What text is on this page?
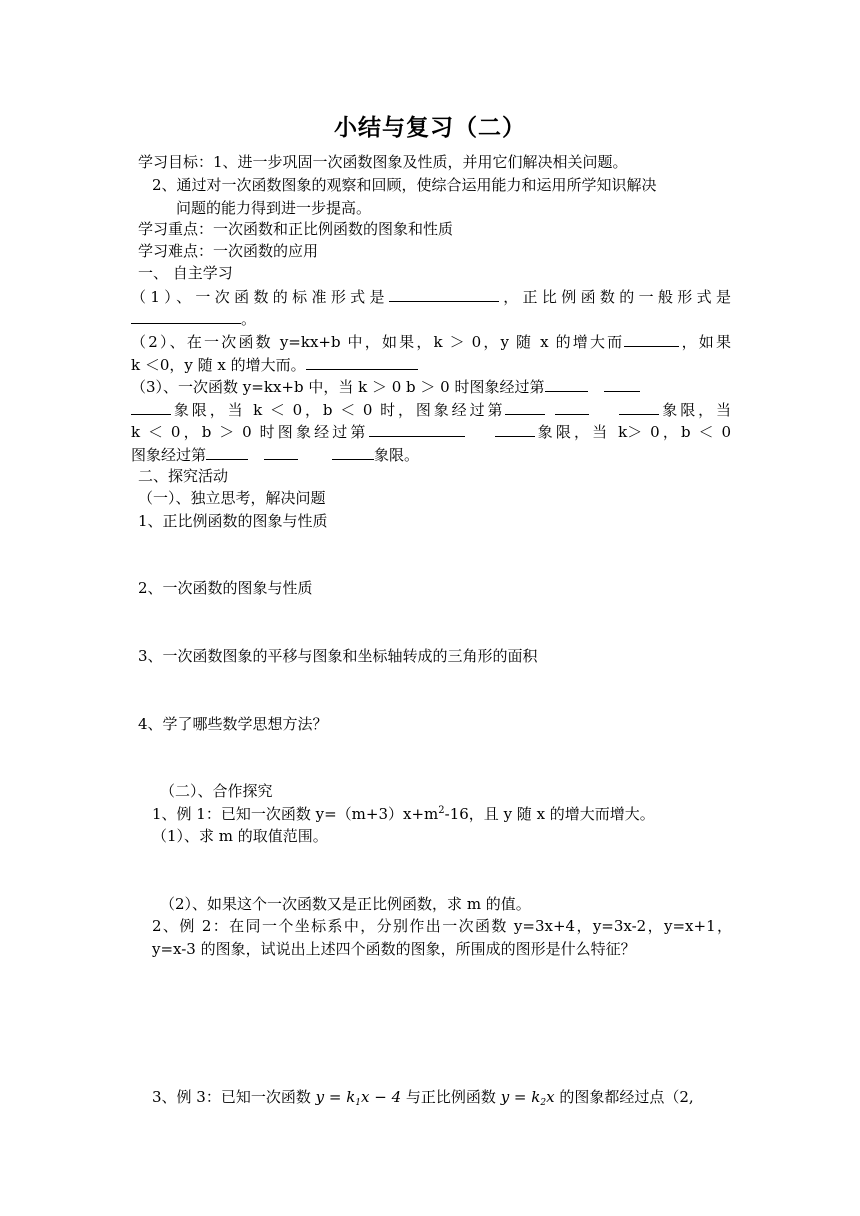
小结与复习（二）
学习目标：1、进一步巩固一次函数图象及性质，并用它们解决相关问题。
2、通过对一次函数图象的观察和回顾，使综合运用能力和运用所学知识解决
问题的能力得到进一步提高。
学习重点：一次函数和正比例函数的图象和性质
学习难点：一次函数的应用
一、 自主学习
（1）、一次函数的标准形式是	，正比例函数的一般形式是
。
（2）、在一次函数 y=kx+b 中，如果，k ＞ 0，y 随 x 的增大而	，如果
k ＜0，y 随 x 的增大而。
（3）、一次函数 y=kx+b 中，当 k ＞ 0 b ＞ 0 时图象经过第
象限，当 k ＜ 0，b ＜ 0 时，图象经过第	象限，当
k ＜ 0，b ＞ 0 时图象经过第	象限，当 k＞ 0，b ＜ 0
图象经过第	象限。
二、探究活动
（一）、独立思考，解决问题
1、正比例函数的图象与性质
2、一次函数的图象与性质
3、一次函数图象的平移与图象和坐标轴转成的三角形的面积
4、学了哪些数学思想方法？
（二）、合作探究
1、例 1：已知一次函数 $y=(m+3)x+m^2-16$，且 y 随 x 的增大而增大。
（1）、求 m 的取值范围。
（2）、如果这个一次函数又是正比例函数，求 m 的值。
2、例 2：在同一个坐标系中，分别作出一次函数 y=3x+4，y=3x-2，y=x+1，
y=x-3 的图象，试说出上述四个函数的图象，所围成的图形是什么特征？
3、例 3：已知一次函数 $y = k_1x - 4$ 与正比例函数 $y = k_2x$ 的图象都经过点（2,
